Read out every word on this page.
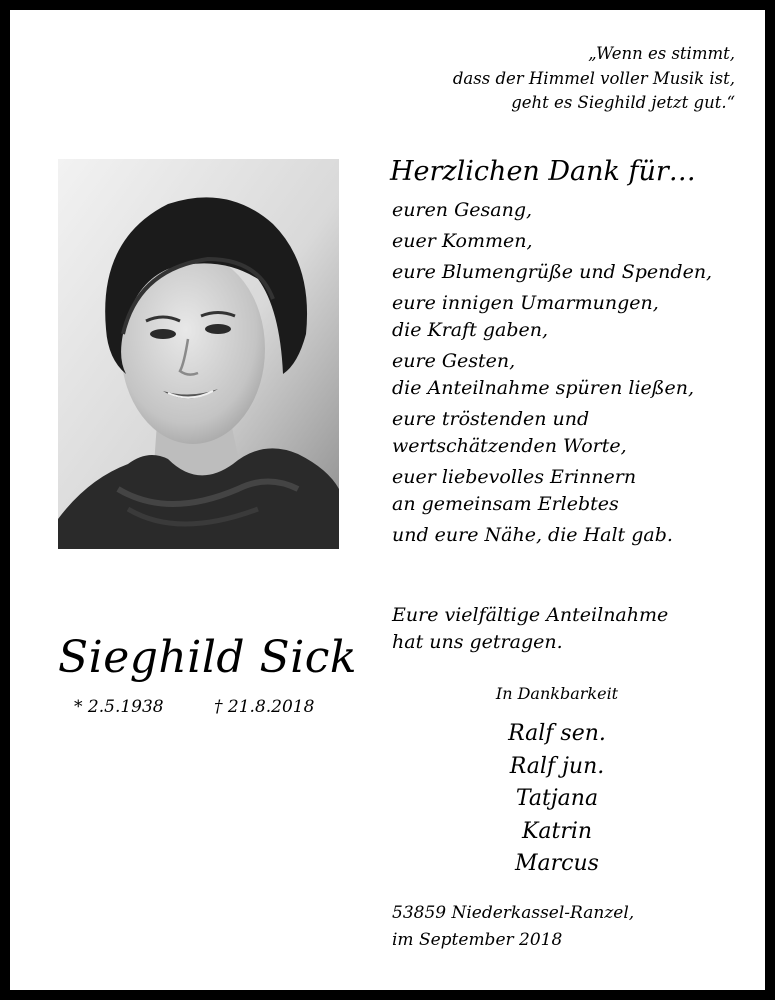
„Wenn es stimmt,
dass der Himmel voller Musik ist,
geht es Sieghild jetzt gut.“
Herzlichen Dank für…
euren Gesang,
euer Kommen,
eure Blumengrüße und Spenden,
eure innigen Umarmungen,
die Kraft gaben,
eure Gesten,
die Anteilnahme spüren ließen,
eure tröstenden und
wertschätzenden Worte,
euer liebevolles Erinnern
an gemeinsam Erlebtes
und eure Nähe, die Halt gab.
Eure vielfältige Anteilnahme
hat uns getragen.
Sieghild Sick
* 2.5.1938	† 21.8.2018
In Dankbarkeit
Ralf sen.
Ralf jun.
Tatjana
Katrin
Marcus
53859 Niederkassel-Ranzel,
im September 2018
